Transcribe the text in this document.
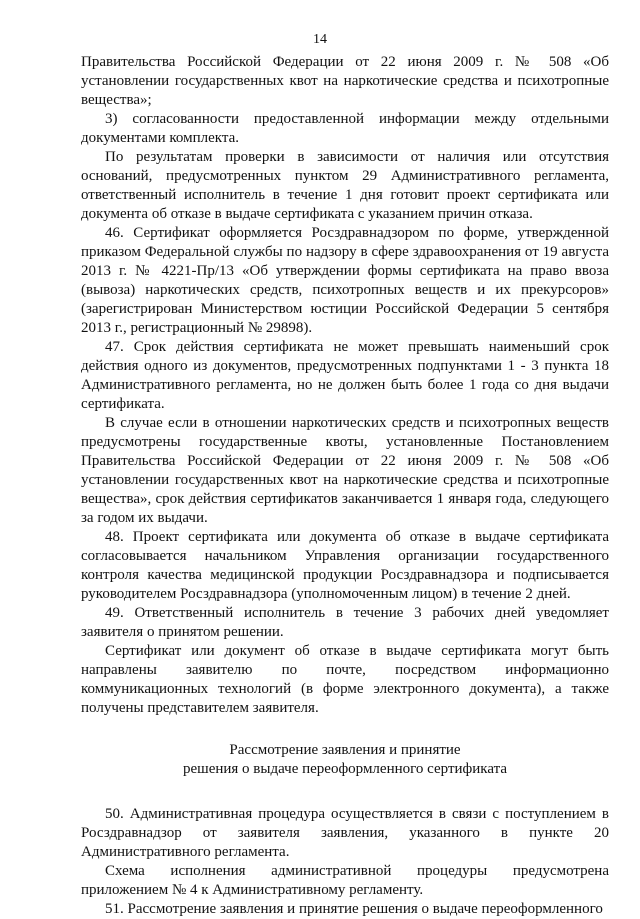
14

Правительства Российской Федерации от 22 июня 2009 г. № 508 «Об установлении государственных квот на наркотические средства и психотропные вещества»;

3) согласованности предоставленной информации между отдельными документами комплекта.

По результатам проверки в зависимости от наличия или отсутствия оснований, предусмотренных пунктом 29 Административного регламента, ответственный исполнитель в течение 1 дня готовит проект сертификата или документа об отказе в выдаче сертификата с указанием причин отказа.

46. Сертификат оформляется Росздравнадзором по форме, утвержденной приказом Федеральной службы по надзору в сфере здравоохранения от 19 августа 2013 г. № 4221-Пр/13 «Об утверждении формы сертификата на право ввоза (вывоза) наркотических средств, психотропных веществ и их прекурсоров» (зарегистрирован Министерством юстиции Российской Федерации 5 сентября 2013 г., регистрационный № 29898).

47. Срок действия сертификата не может превышать наименьший срок действия одного из документов, предусмотренных подпунктами 1 - 3 пункта 18 Административного регламента, но не должен быть более 1 года со дня выдачи сертификата.

В случае если в отношении наркотических средств и психотропных веществ предусмотрены государственные квоты, установленные Постановлением Правительства Российской Федерации от 22 июня 2009 г. № 508 «Об установлении государственных квот на наркотические средства и психотропные вещества», срок действия сертификатов заканчивается 1 января года, следующего за годом их выдачи.

48. Проект сертификата или документа об отказе в выдаче сертификата согласовывается начальником Управления организации государственного контроля качества медицинской продукции Росздравнадзора и подписывается руководителем Росздравнадзора (уполномоченным лицом) в течение 2 дней.

49. Ответственный исполнитель в течение 3 рабочих дней уведомляет заявителя о принятом решении.

Сертификат или документ об отказе в выдаче сертификата могут быть направлены заявителю по почте, посредством информационно коммуникационных технологий (в форме электронного документа), а также получены представителем заявителя.

Рассмотрение заявления и принятие
решения о выдаче переоформленного сертификата

50. Административная процедура осуществляется в связи с поступлением в Росздравнадзор от заявителя заявления, указанного в пункте 20 Административного регламента.

Схема исполнения административной процедуры предусмотрена приложением № 4 к Административному регламенту.

51. Рассмотрение заявления и принятие решения о выдаче переоформленного
